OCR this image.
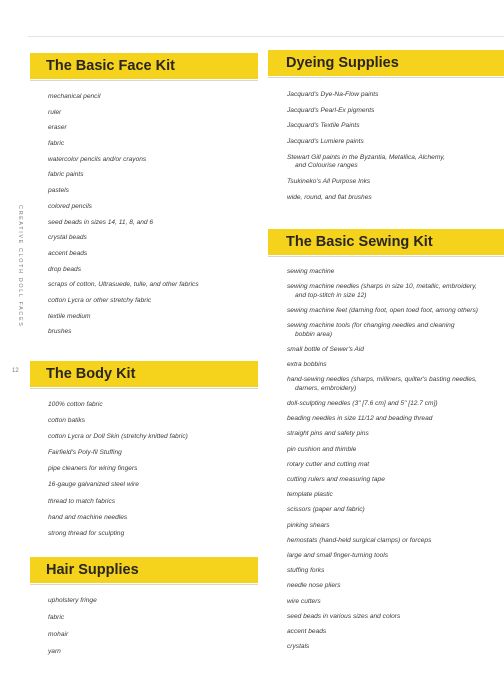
CREATIVE CLOTH DOLL FACES
12
The Basic Face Kit
mechanical pencil
ruler
eraser
fabric
watercolor pencils and/or crayons
fabric paints
pastels
colored pencils
seed beads in sizes 14, 11, 8, and 6
crystal beads
accent beads
drop beads
scraps of cotton, Ultrasuede, tulle, and other fabrics
cotton Lycra or other stretchy fabric
textile medium
brushes
The Body Kit
100% cotton fabric
cotton batiks
cotton Lycra or Doll Skin (stretchy knitted fabric)
Fairfield's Poly-fil Stuffing
pipe cleaners for wiring fingers
16-gauge galvanized steel wire
thread to match fabrics
hand and machine needles
strong thread for sculpting
Hair Supplies
upholstery fringe
fabric
mohair
yarn
Dyeing Supplies
Jacquard's Dye-Na-Flow paints
Jacquard's Pearl-Ex pigments
Jacquard's Textile Paints
Jacquard's Lumiere paints
Stewart Gill paints in the Byzantia, Metallica, Alchemy,
and Colourise ranges
Tsukineko's All Purpose Inks
wide, round, and flat brushes
The Basic Sewing Kit
sewing machine
sewing machine needles (sharps in size 10, metallic, embroidery,
and top-stitch in size 12)
sewing machine feet (darning foot, open toed foot, among others)
sewing machine tools (for changing needles and cleaning
bobbin area)
small bottle of Sewer's Aid
extra bobbins
hand-sewing needles (sharps, milliners, quilter's basting needles,
darners, embroidery)
doll-sculpting needles (3" [7.6 cm] and 5" [12.7 cm])
beading needles in size 11/12 and beading thread
straight pins and safety pins
pin cushion and thimble
rotary cutter and cutting mat
cutting rulers and measuring tape
template plastic
scissors (paper and fabric)
pinking shears
hemostats (hand-held surgical clamps) or forceps
large and small finger-turning tools
stuffing forks
needle nose pliers
wire cutters
seed beads in various sizes and colors
accent beads
crystals
